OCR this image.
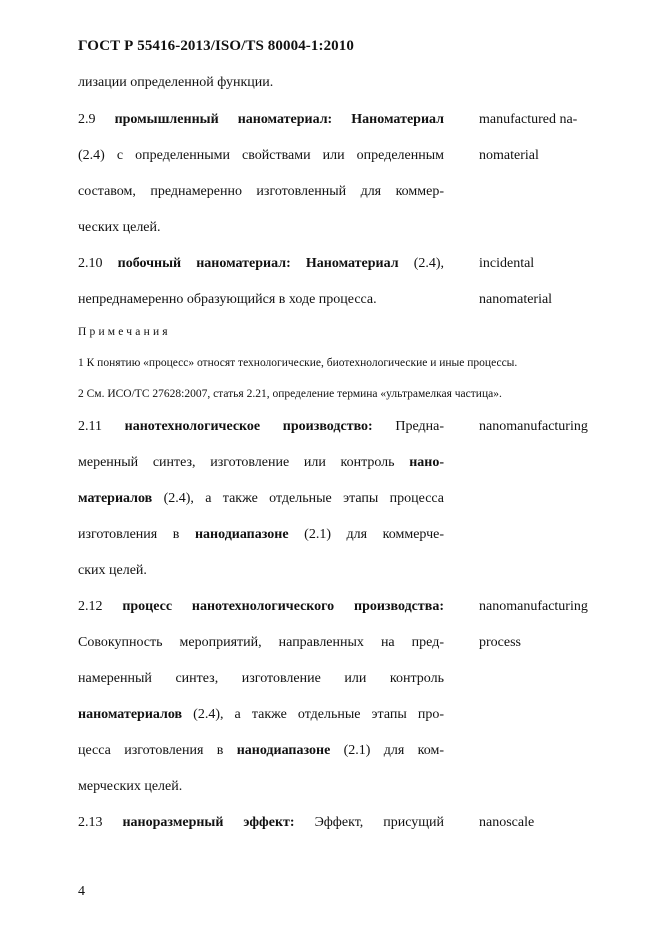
ГОСТ Р 55416-2013/ISO/TS 80004-1:2010
лизации определенной функции.
2.9 промышленный наноматериал: Наноматериал
(2.4) с определенными свойствами или определенным
составом, преднамеренно изготовленный для коммер-
ческих целей.
manufactured na-
nomaterial
2.10 побочный наноматериал: Наноматериал (2.4),
непреднамеренно образующийся в ходе процесса.
incidental
nanomaterial
Примечания
1 К понятию «процесс» относят технологические, биотехнологические и иные процессы.
2 См. ИСО/ТС 27628:2007, статья 2.21, определение термина «ультрамелкая частица».
2.11 нанотехнологическое производство: Предна-
меренный синтез, изготовление или контроль нано-
материалов (2.4), а также отдельные этапы процесса
изготовления в нанодиапазоне (2.1) для коммерче-
ских целей.
nanomanufacturing
2.12 процесс нанотехнологического производства:
Совокупность мероприятий, направленных на пред-
намеренный синтез, изготовление или контроль
наноматериалов (2.4), а также отдельные этапы про-
цесса изготовления в нанодиапазоне (2.1) для ком-
мерческих целей.
nanomanufacturing
process
2.13 наноразмерный эффект: Эффект, присущий nanoscale
4
